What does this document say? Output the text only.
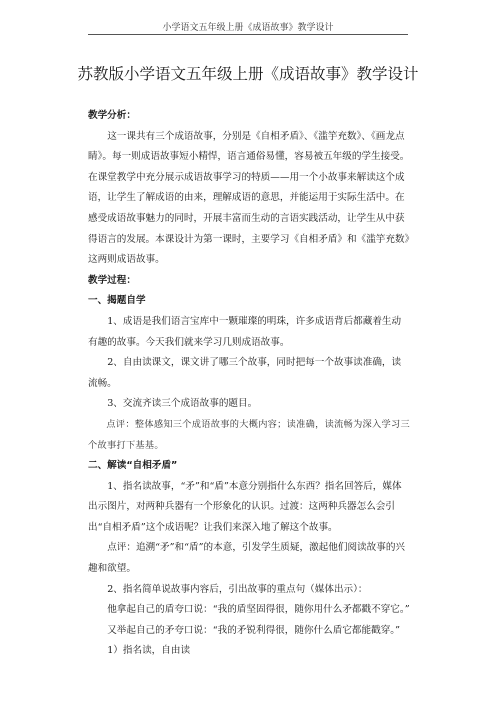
小学语文五年级上册《成语故事》教学设计
苏教版小学语文五年级上册《成语故事》教学设计

教学分析：

这一课共有三个成语故事，分别是《自相矛盾》、《滥竽充数》、《画龙点睛》。每一则成语故事短小精悍，语言通俗易懂，容易被五年级的学生接受。在课堂教学中充分展示成语故事学习的特质——用一个小故事来解读这个成语，让学生了解成语的由来，理解成语的意思，并能运用于实际生活中。在感受成语故事魅力的同时，开展丰富而生动的言语实践活动，让学生从中获得语言的发展。本课设计为第一课时，主要学习《自相矛盾》和《滥竽充数》这两则成语故事。

教学过程：

一、揭题自学

1、成语是我们语言宝库中一颗璀璨的明珠，许多成语背后都藏着生动有趣的故事。今天我们就来学习几则成语故事。

2、自由读课文，课文讲了哪三个故事，同时把每一个故事读准确，读流畅。

3、交流齐读三个成语故事的题目。

点评：整体感知三个成语故事的大概内容；读准确，读流畅为深入学习三个故事打下基基。

二、解读“自相矛盾”

1、指名读故事，“矛”和“盾”本意分别指什么东西？指名回答后，媒体出示图片，对两种兵器有一个形象化的认识。过渡：这两种兵器怎么会引出“自相矛盾”这个成语呢？让我们来深入地了解这个故事。

点评：追溯“矛”和“盾”的本意，引发学生质疑，激起他们阅读故事的兴趣和欲望。

2、指名简单说故事内容后，引出故事的重点句（媒体出示）：

他拿起自己的盾夸口说：“我的盾坚固得很，随你用什么矛都戳不穿它。”

又举起自己的矛夸口说：“我的矛锐利得很，随你什么盾它都能戳穿。”

1）指名读，自由读
